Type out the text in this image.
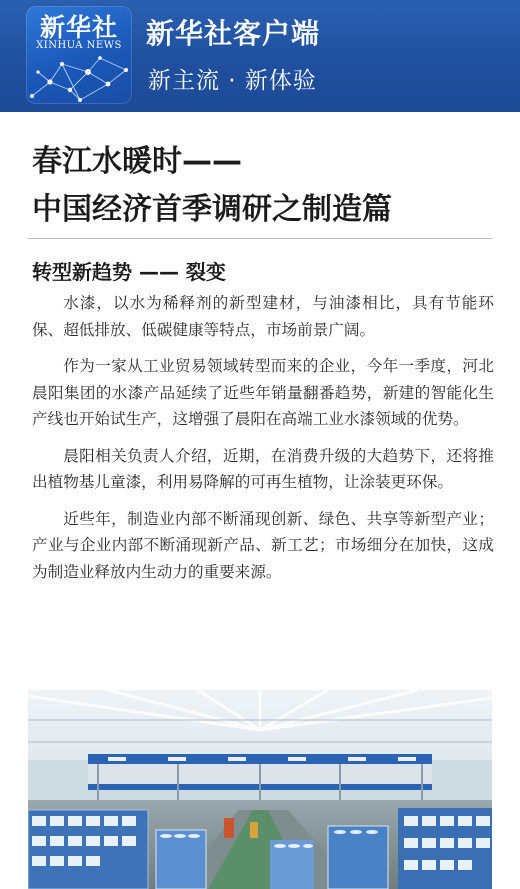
新华社
XINHUA NEWS 新华社客户端
新主流 · 新体验
春江水暖时——
中国经济首季调研之制造篇
转型新趋势 —— 裂变

水漆，以水为稀释剂的新型建材，与油漆相比，具有节能环保、超低排放、低碳健康等特点，市场前景广阔。

作为一家从工业贸易领域转型而来的企业，今年一季度，河北晨阳集团的水漆产品延续了近些年销量翻番趋势，新建的智能化生产线也开始试生产，这增强了晨阳在高端工业水漆领域的优势。

晨阳相关负责人介绍，近期，在消费升级的大趋势下，还将推出植物基儿童漆，利用易降解的可再生植物，让涂装更环保。

近些年，制造业内部不断涌现创新、绿色、共享等新型产业；产业与企业内部不断涌现新产品、新工艺；市场细分在加快，这成为制造业释放内生动力的重要来源。
